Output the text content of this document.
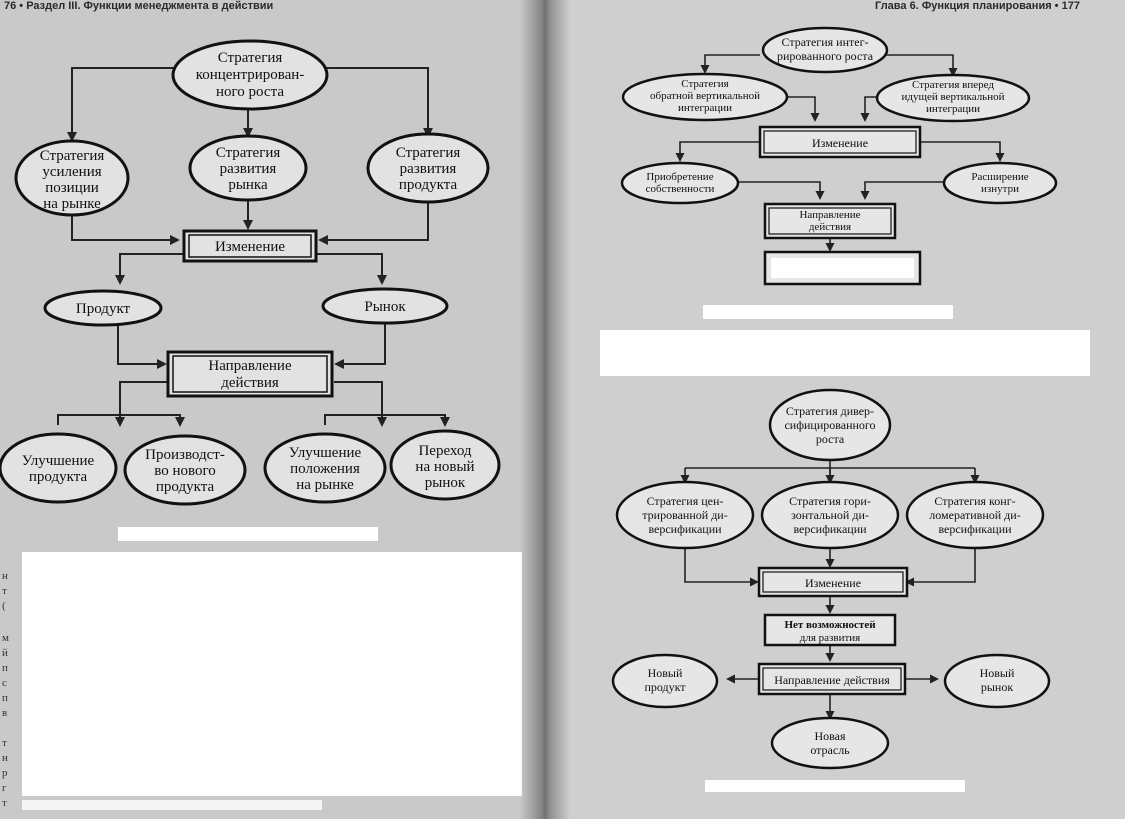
76 • Раздел III. Функции менеджмента в действии
Стратегия
концентрирован-
ного роста
Стратегия
усиления
позиции
на рынке
Стратегия
развития
рынка
Стратегия
развития
продукта
Изменение
Продукт	Рынок
Направление
действия
Улучшение
продукта
Производст-
во нового
продукта
Улучшение
положения
на рынке
Переход
на новый
рынок
н
т
(
м
й
п
с
п
в
т
н
р
г
т
Глава 6. Функция планирования • 177
Стратегия интег-
рированного роста
Стратегия
обратной вертикальной
интеграции
Стратегия вперед
идущей вертикальной
интеграции
Изменение
Приобретение
собственности
Расширение
изнутри
Направление
действия
Стратегия дивер-
сифицированного
роста
Стратегия цен-
трированной ди-
версификации
Стратегия гори-
зонтальной ди-
версификации
Стратегия конг-
ломеративной ди-
версификации
Изменение
Нет возможностей
для развития
Направление действия
Новый
продукт
Новый
рынок
Новая
отрасль
